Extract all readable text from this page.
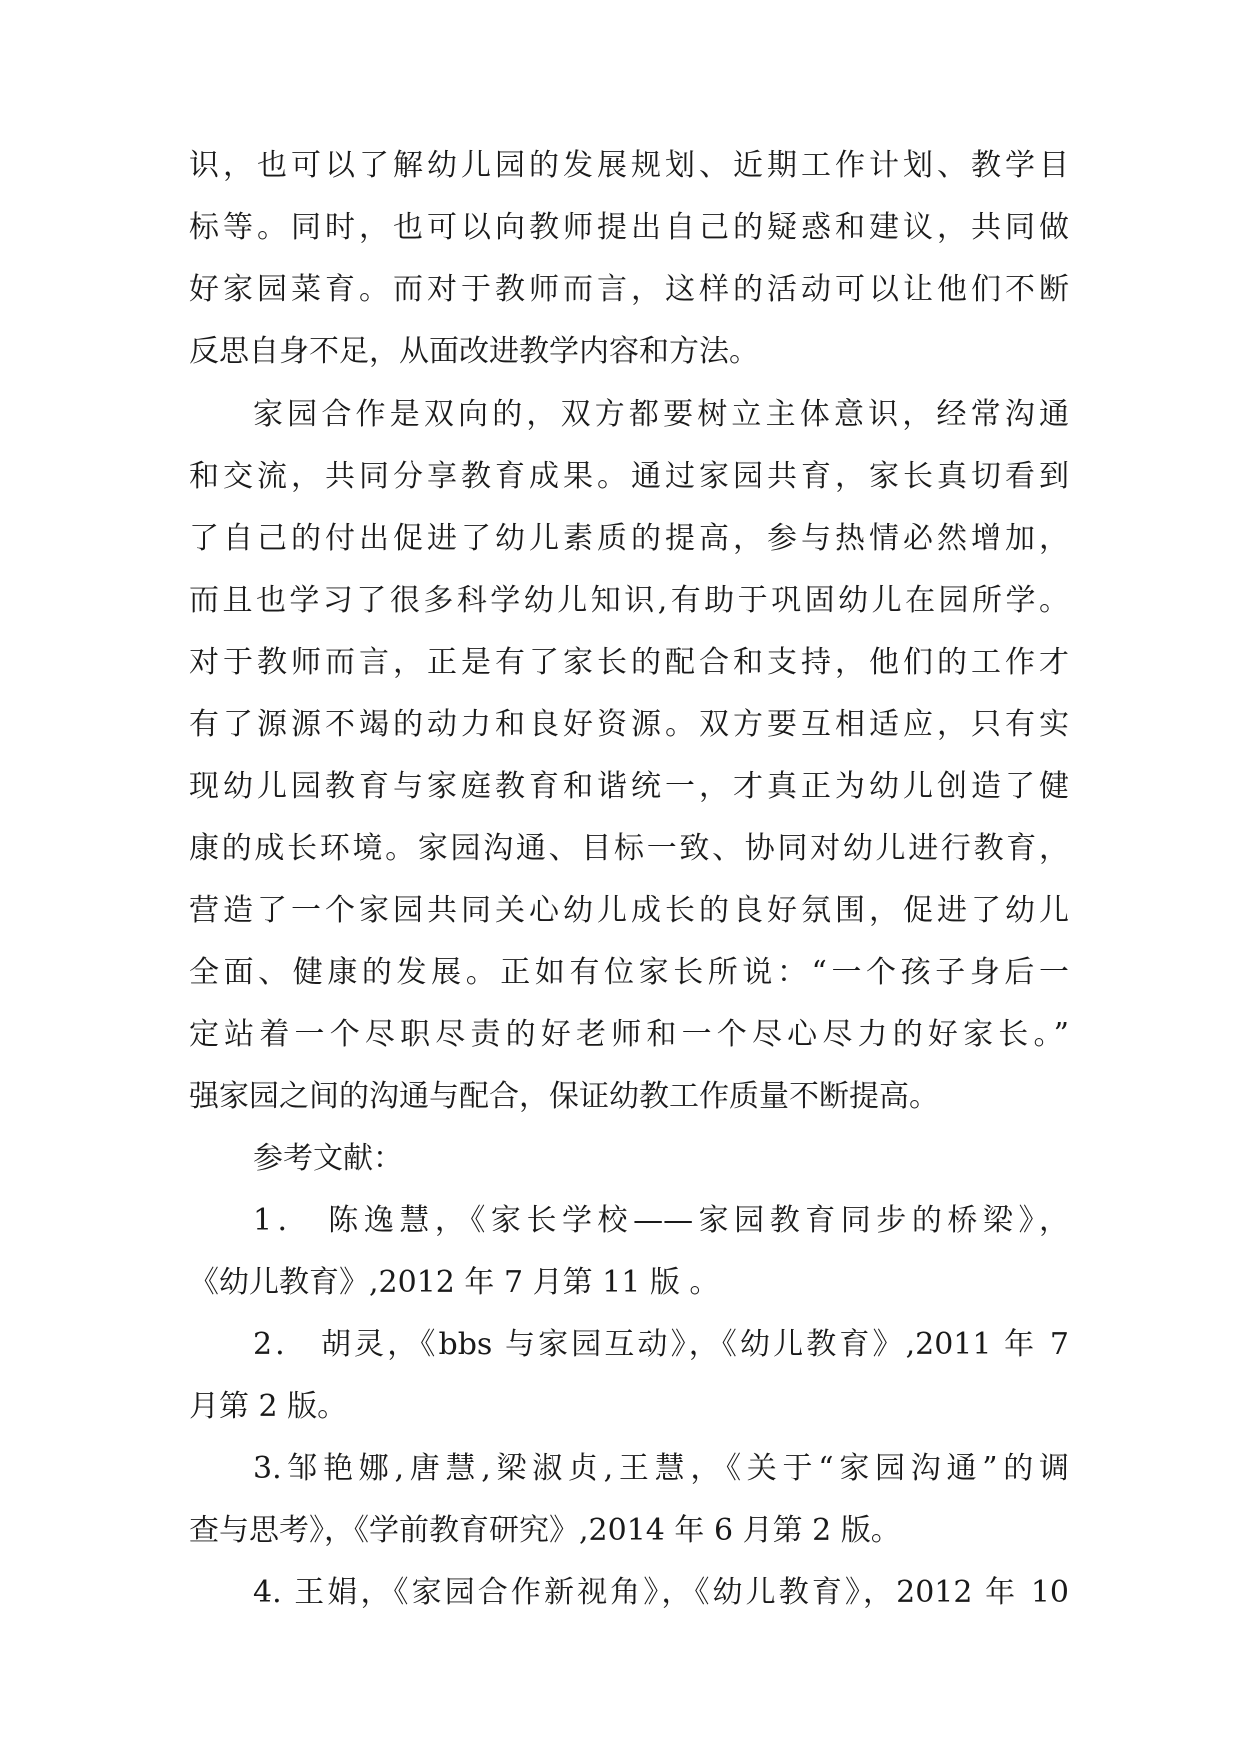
识，也可以了解幼儿园的发展规划、近期工作计划、教学目
标等。同时，也可以向教师提出自己的疑惑和建议，共同做
好家园菜育。而对于教师而言，这样的活动可以让他们不断
反思自身不足，从面改进教学内容和方法。
家园合作是双向的，双方都要树立主体意识，经常沟通
和交流，共同分享教育成果。通过家园共育，家长真切看到
了自己的付出促进了幼儿素质的提高，参与热情必然增加，
而且也学习了很多科学幼儿知识,有助于巩固幼儿在园所学。
对于教师而言，正是有了家长的配合和支持，他们的工作才
有了源源不竭的动力和良好资源。双方要互相适应，只有实
现幼儿园教育与家庭教育和谐统一，才真正为幼儿创造了健
康的成长环境。家园沟通、目标一致、协同对幼儿进行教育，
营造了一个家园共同关心幼儿成长的良好氛围，促进了幼儿
全面、健康的发展。正如有位家长所说：“一个孩子身后一
定站着一个尽职尽责的好老师和一个尽心尽力的好家长。”
强家园之间的沟通与配合，保证幼教工作质量不断提高。
参考文献：
1． 陈逸慧，《家长学校——家园教育同步的桥梁》，
《幼儿教育》,2012 年 7 月第 11 版 。
2． 胡灵，《bbs 与家园互动》，《幼儿教育》,2011 年 7
月第 2 版。
3.邹艳娜,唐慧,梁淑贞,王慧，《关于“家园沟通”的调
查与思考》，《学前教育研究》,2014 年 6 月第 2 版。
4. 王娟，《家园合作新视角》，《幼儿教育》，2012 年 10
